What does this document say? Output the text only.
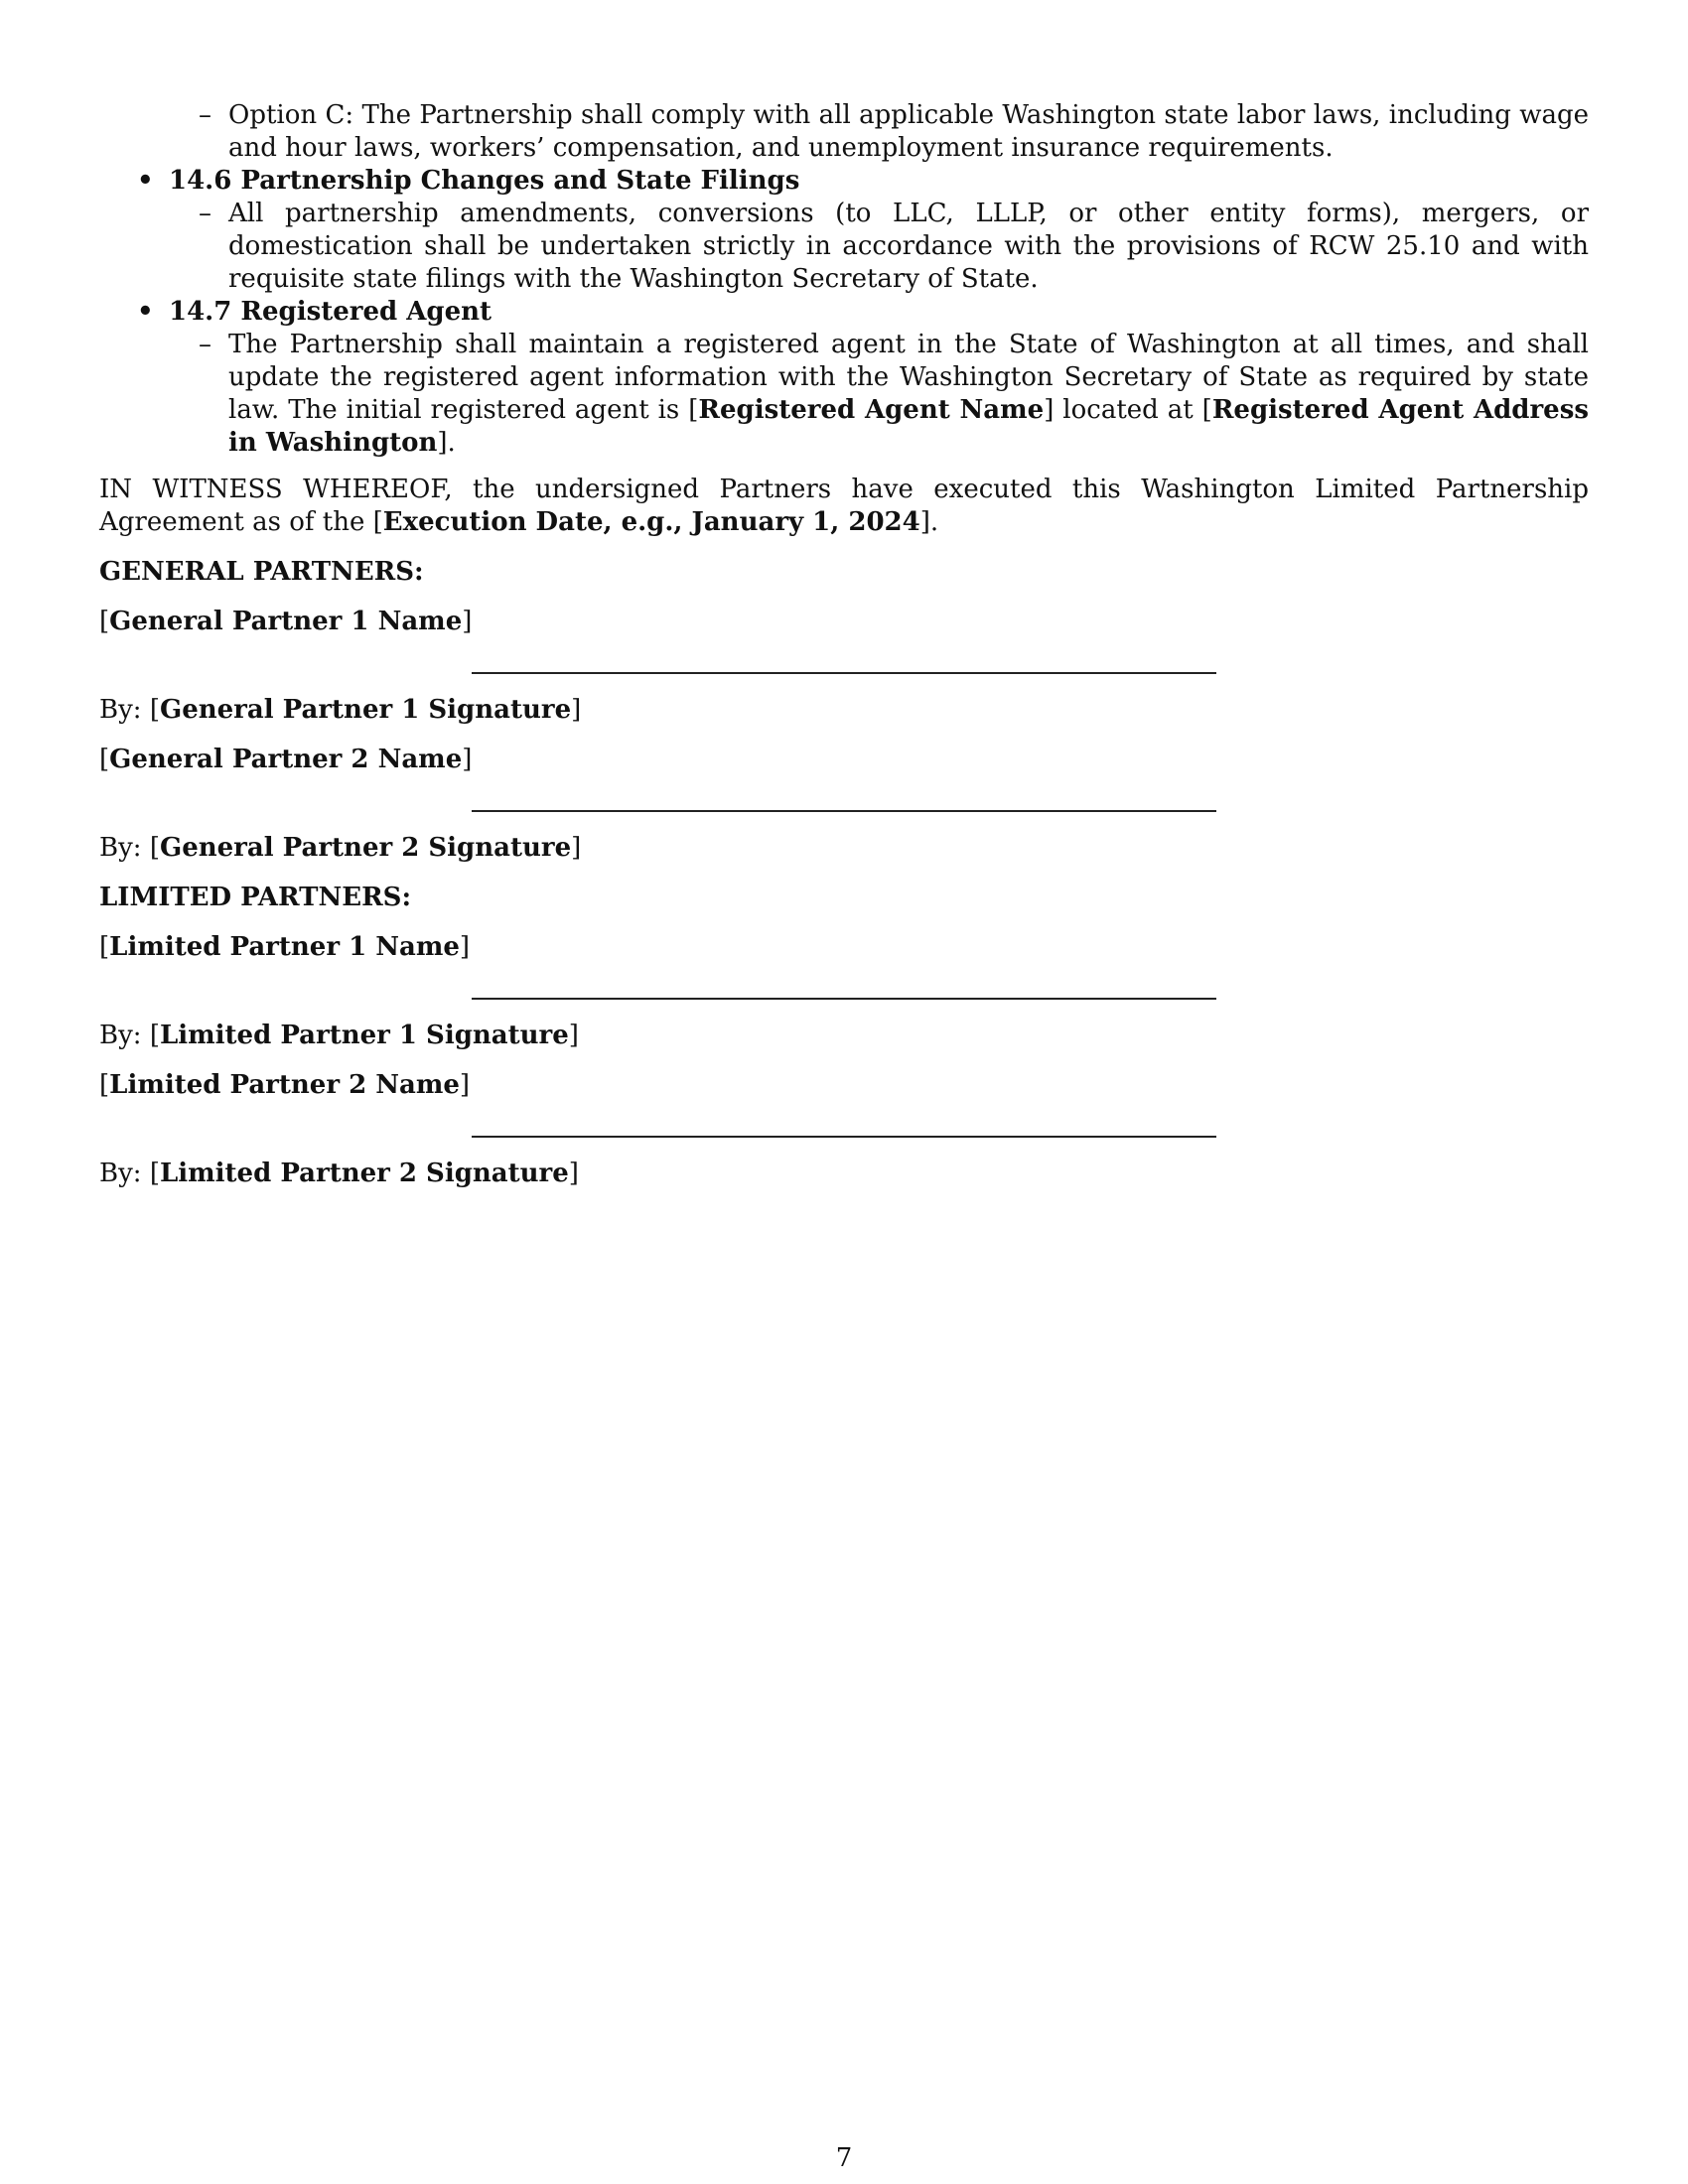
– Option C: The Partnership shall comply with all applicable Washington state labor laws, including wage and hour laws, workers’ compensation, and unemployment insurance requirements.
• 14.6 Partnership Changes and State Filings
– All partnership amendments, conversions (to LLC, LLLP, or other entity forms), mergers, or domestication shall be undertaken strictly in accordance with the provisions of RCW 25.10 and with requisite state filings with the Washington Secretary of State.
• 14.7 Registered Agent
– The Partnership shall maintain a registered agent in the State of Washington at all times, and shall update the registered agent information with the Washington Secretary of State as required by state law. The initial registered agent is [Registered Agent Name] located at [Registered Agent Address in Washington].
IN WITNESS WHEREOF, the undersigned Partners have executed this Washington Limited Partnership Agreement as of the [Execution Date, e.g., January 1, 2024].
GENERAL PARTNERS:
[General Partner 1 Name]
By: [General Partner 1 Signature]
[General Partner 2 Name]
By: [General Partner 2 Signature]
LIMITED PARTNERS:
[Limited Partner 1 Name]
By: [Limited Partner 1 Signature]
[Limited Partner 2 Name]
By: [Limited Partner 2 Signature]
7
